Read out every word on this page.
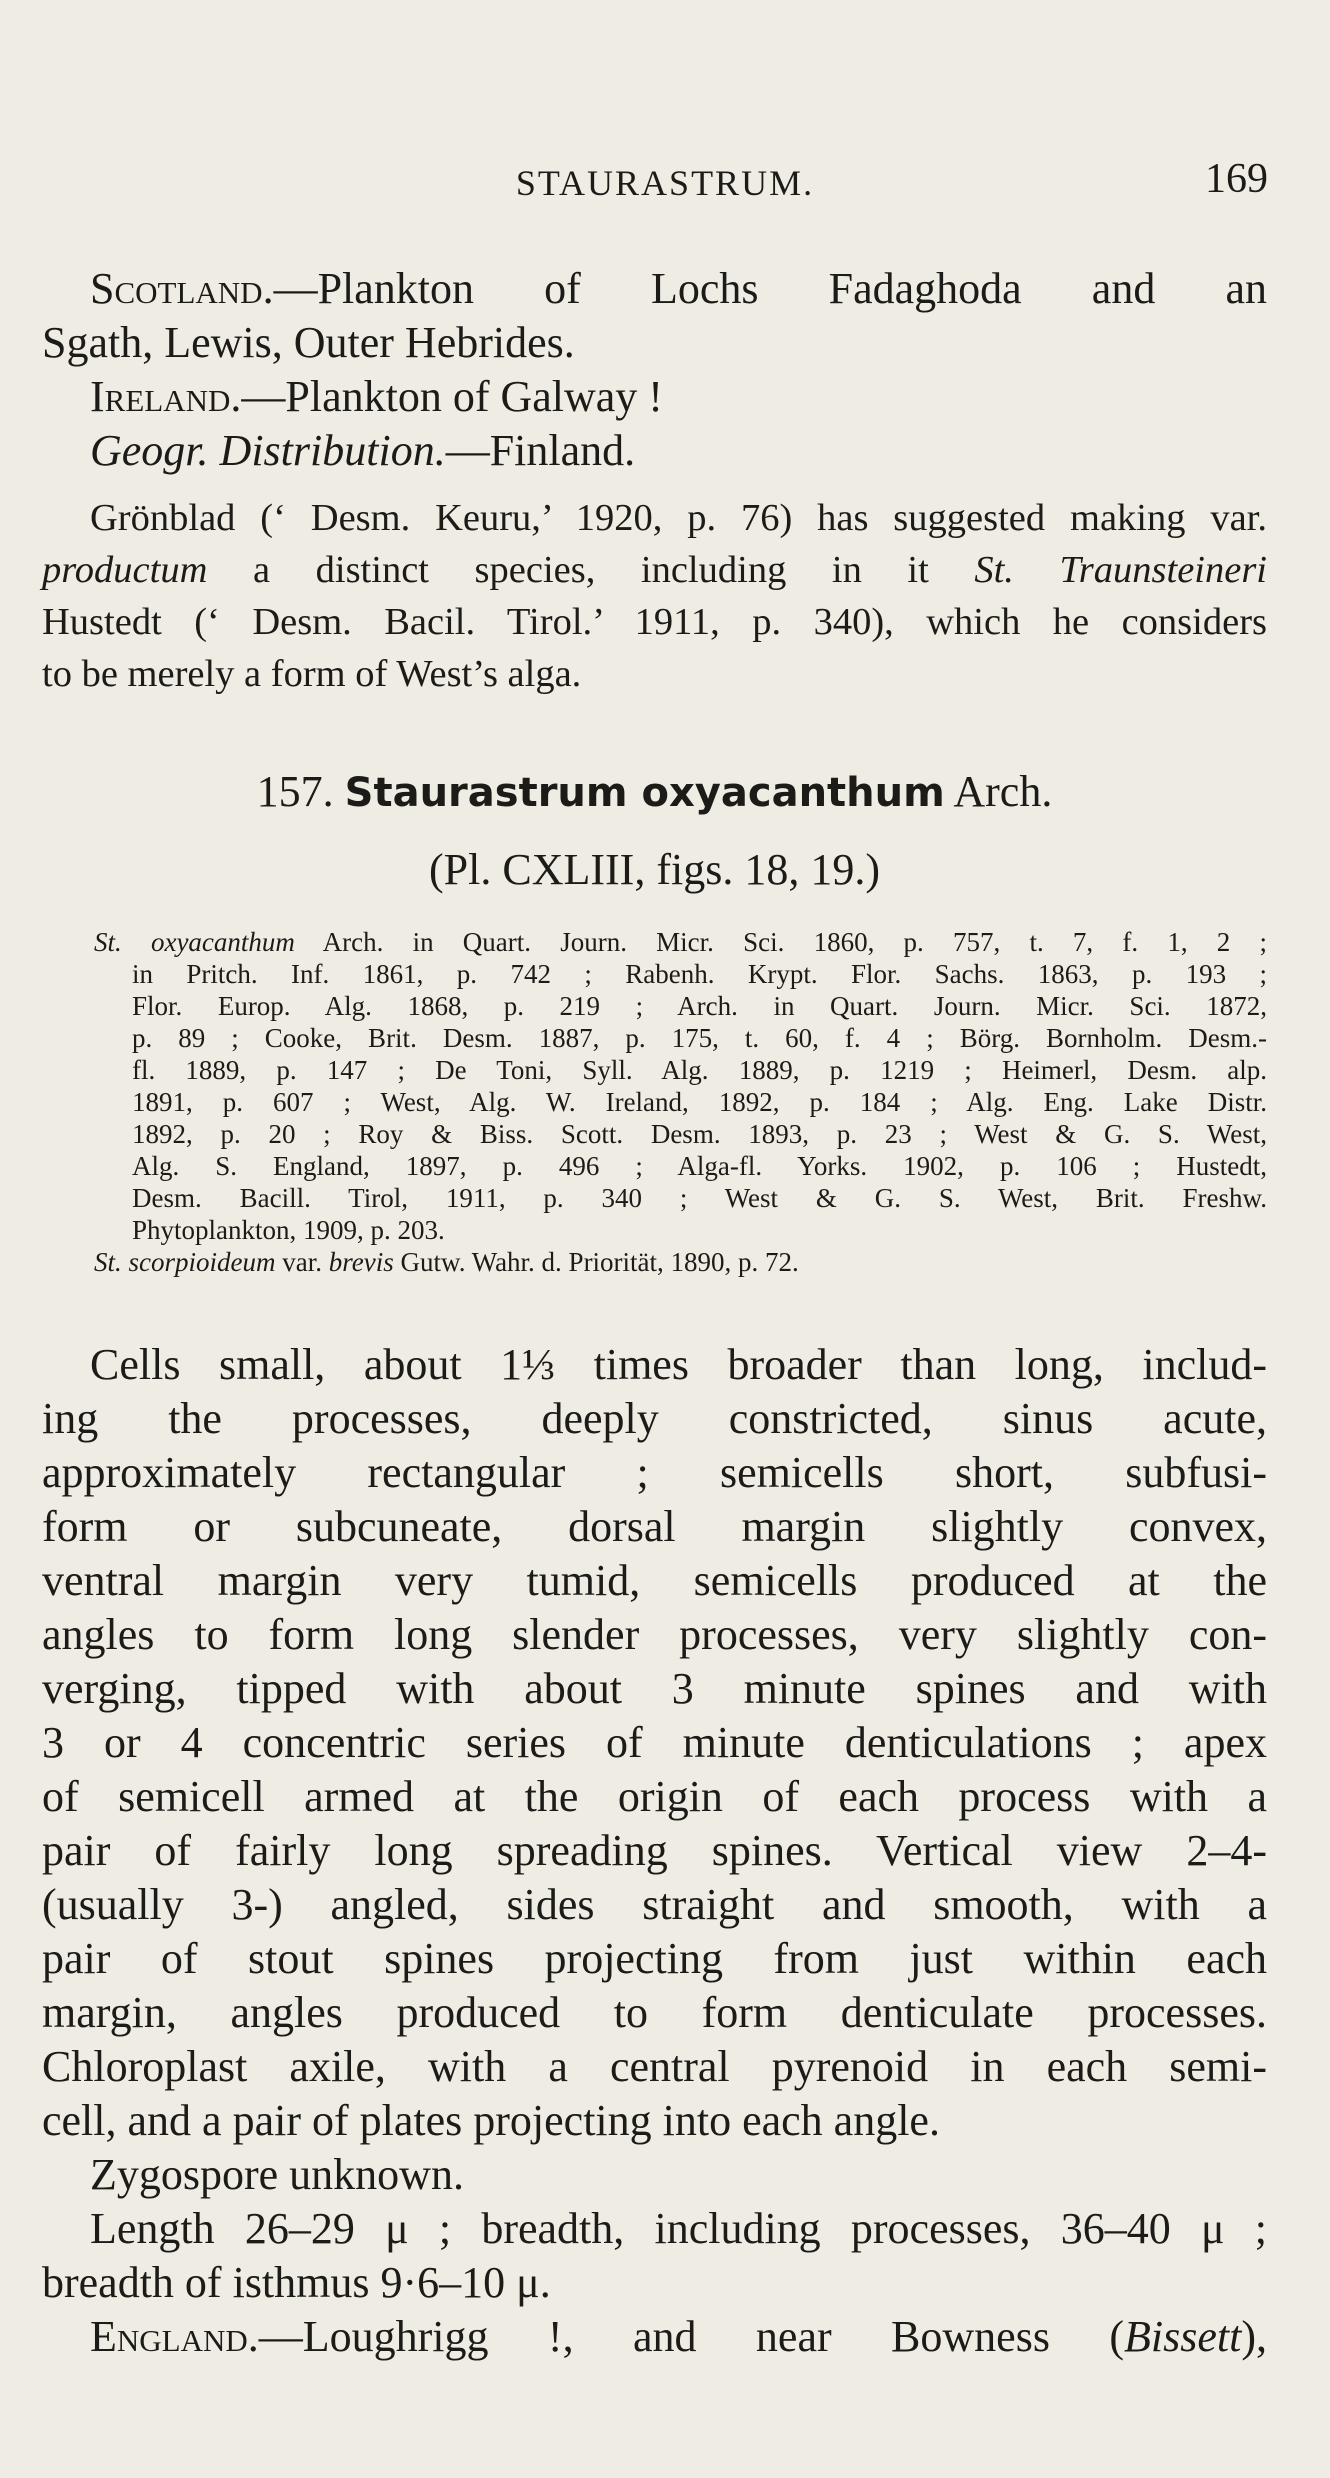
STAURASTRUM.	169
Scotland.—Plankton of Lochs Fadaghoda and an
Sgath, Lewis, Outer Hebrides.
Ireland.—Plankton of Galway !
Geogr. Distribution.—Finland.
Grönblad (‘ Desm. Keuru,’ 1920, p. 76) has suggested making var.
productum a distinct species, including in it St. Traunsteineri
Hustedt (‘ Desm. Bacil. Tirol.’ 1911, p. 340), which he considers
to be merely a form of West’s alga.
157. Staurastrum oxyacanthum Arch.
(Pl. CXLIII, figs. 18, 19.)
St. oxyacanthum Arch. in Quart. Journ. Micr. Sci. 1860, p. 757, t. 7, f. 1, 2 ;
in Pritch. Inf. 1861, p. 742 ; Rabenh. Krypt. Flor. Sachs. 1863, p. 193 ;
Flor. Europ. Alg. 1868, p. 219 ; Arch. in Quart. Journ. Micr. Sci. 1872,
p. 89 ; Cooke, Brit. Desm. 1887, p. 175, t. 60, f. 4 ; Börg. Bornholm. Desm.-
fl. 1889, p. 147 ; De Toni, Syll. Alg. 1889, p. 1219 ; Heimerl, Desm. alp.
1891, p. 607 ; West, Alg. W. Ireland, 1892, p. 184 ; Alg. Eng. Lake Distr.
1892, p. 20 ; Roy & Biss. Scott. Desm. 1893, p. 23 ; West & G. S. West,
Alg. S. England, 1897, p. 496 ; Alga-fl. Yorks. 1902, p. 106 ; Hustedt,
Desm. Bacill. Tirol, 1911, p. 340 ; West & G. S. West, Brit. Freshw.
Phytoplankton, 1909, p. 203.
St. scorpioideum var. brevis Gutw. Wahr. d. Priorität, 1890, p. 72.
Cells small, about 1⅓ times broader than long, includ-
ing the processes, deeply constricted, sinus acute,
approximately rectangular ; semicells short, subfusi-
form or subcuneate, dorsal margin slightly convex,
ventral margin very tumid, semicells produced at the
angles to form long slender processes, very slightly con-
verging, tipped with about 3 minute spines and with
3 or 4 concentric series of minute denticulations ; apex
of semicell armed at the origin of each process with a
pair of fairly long spreading spines. Vertical view 2–4-
(usually 3-) angled, sides straight and smooth, with a
pair of stout spines projecting from just within each
margin, angles produced to form denticulate processes.
Chloroplast axile, with a central pyrenoid in each semi-
cell, and a pair of plates projecting into each angle.
Zygospore unknown.
Length 26–29 μ ; breadth, including processes, 36–40 μ ;
breadth of isthmus 9·6–10 μ.
England.—Loughrigg !, and near Bowness (Bissett),
